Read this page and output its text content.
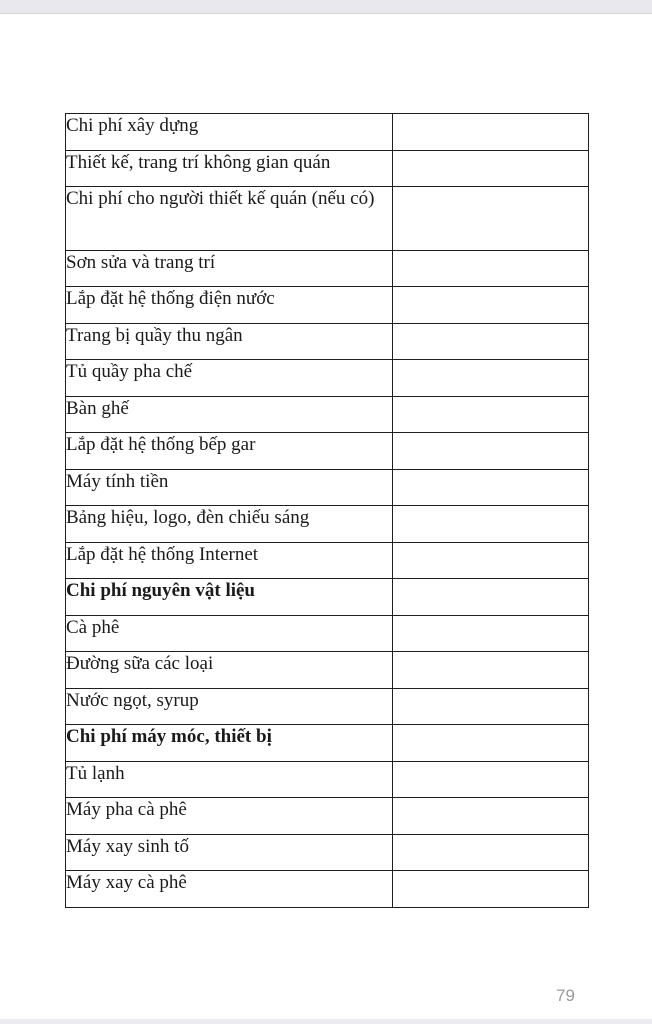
Chi phí xây dựng	
Thiết kế, trang trí không gian quán	
Chi phí cho người thiết kế quán (nếu có)	
Sơn sửa và trang trí	
Lắp đặt hệ thống điện nước	
Trang bị quầy thu ngân	
Tủ quầy pha chế	
Bàn ghế	
Lắp đặt hệ thống bếp gar	
Máy tính tiền	
Bảng hiệu, logo, đèn chiếu sáng	
Lắp đặt hệ thống Internet	
Chi phí nguyên vật liệu	
Cà phê	
Đường sữa các loại	
Nước ngọt, syrup	
Chi phí máy móc, thiết bị	
Tủ lạnh	
Máy pha cà phê	
Máy xay sinh tố	
Máy xay cà phê	
79
